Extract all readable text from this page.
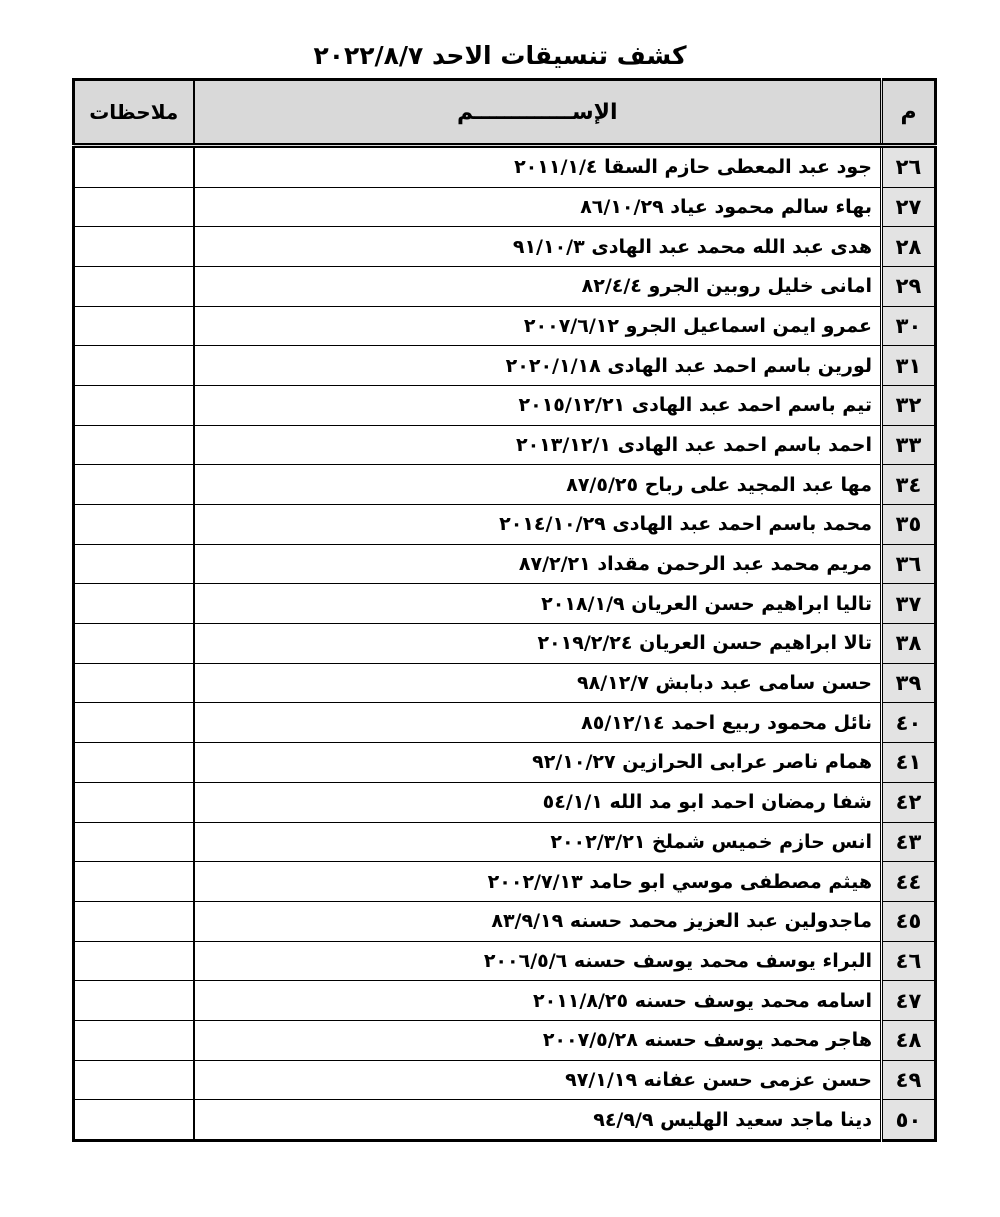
كشف تنسيقات الاحد ٢٠٢٢/٨/٧
م	الإســـــــــــــم	ملاحظات
٢٦	جود عبد المعطى حازم السقا ٢٠١١/١/٤	
٢٧	بهاء سالم محمود عياد ٨٦/١٠/٢٩	
٢٨	هدى عبد الله محمد عبد الهادى ٩١/١٠/٣	
٢٩	امانى خليل روبين الجرو ٨٢/٤/٤	
٣٠	عمرو ايمن اسماعيل الجرو ٢٠٠٧/٦/١٢	
٣١	لورين باسم احمد عبد الهادى ٢٠٢٠/١/١٨	
٣٢	تيم باسم احمد عبد الهادى ٢٠١٥/١٢/٢١	
٣٣	احمد باسم احمد عبد الهادى ٢٠١٣/١٢/١	
٣٤	مها عبد المجيد على رباح ٨٧/٥/٢٥	
٣٥	محمد باسم احمد عبد الهادى ٢٠١٤/١٠/٢٩	
٣٦	مريم محمد عبد الرحمن مقداد ٨٧/٢/٢١	
٣٧	تاليا ابراهيم حسن العريان ٢٠١٨/١/٩	
٣٨	تالا ابراهيم حسن العريان ٢٠١٩/٢/٢٤	
٣٩	حسن سامى عبد دبابش ٩٨/١٢/٧	
٤٠	نائل محمود ربيع احمد ٨٥/١٢/١٤	
٤١	همام ناصر عرابى الحرازين ٩٢/١٠/٢٧	
٤٢	شفا رمضان احمد ابو مد الله ٥٤/١/١	
٤٣	انس حازم خميس شملخ ٢٠٠٢/٣/٢١	
٤٤	هيثم مصطفى موسي ابو حامد ٢٠٠٢/٧/١٣	
٤٥	ماجدولين عبد العزيز محمد حسنه ٨٣/٩/١٩	
٤٦	البراء يوسف محمد يوسف حسنه ٢٠٠٦/٥/٦	
٤٧	اسامه محمد يوسف حسنه ٢٠١١/٨/٢٥	
٤٨	هاجر محمد يوسف حسنه ٢٠٠٧/٥/٢٨	
٤٩	حسن عزمى حسن عفانه ٩٧/١/١٩	
٥٠	دينا ماجد سعيد الهليس ٩٤/٩/٩	
